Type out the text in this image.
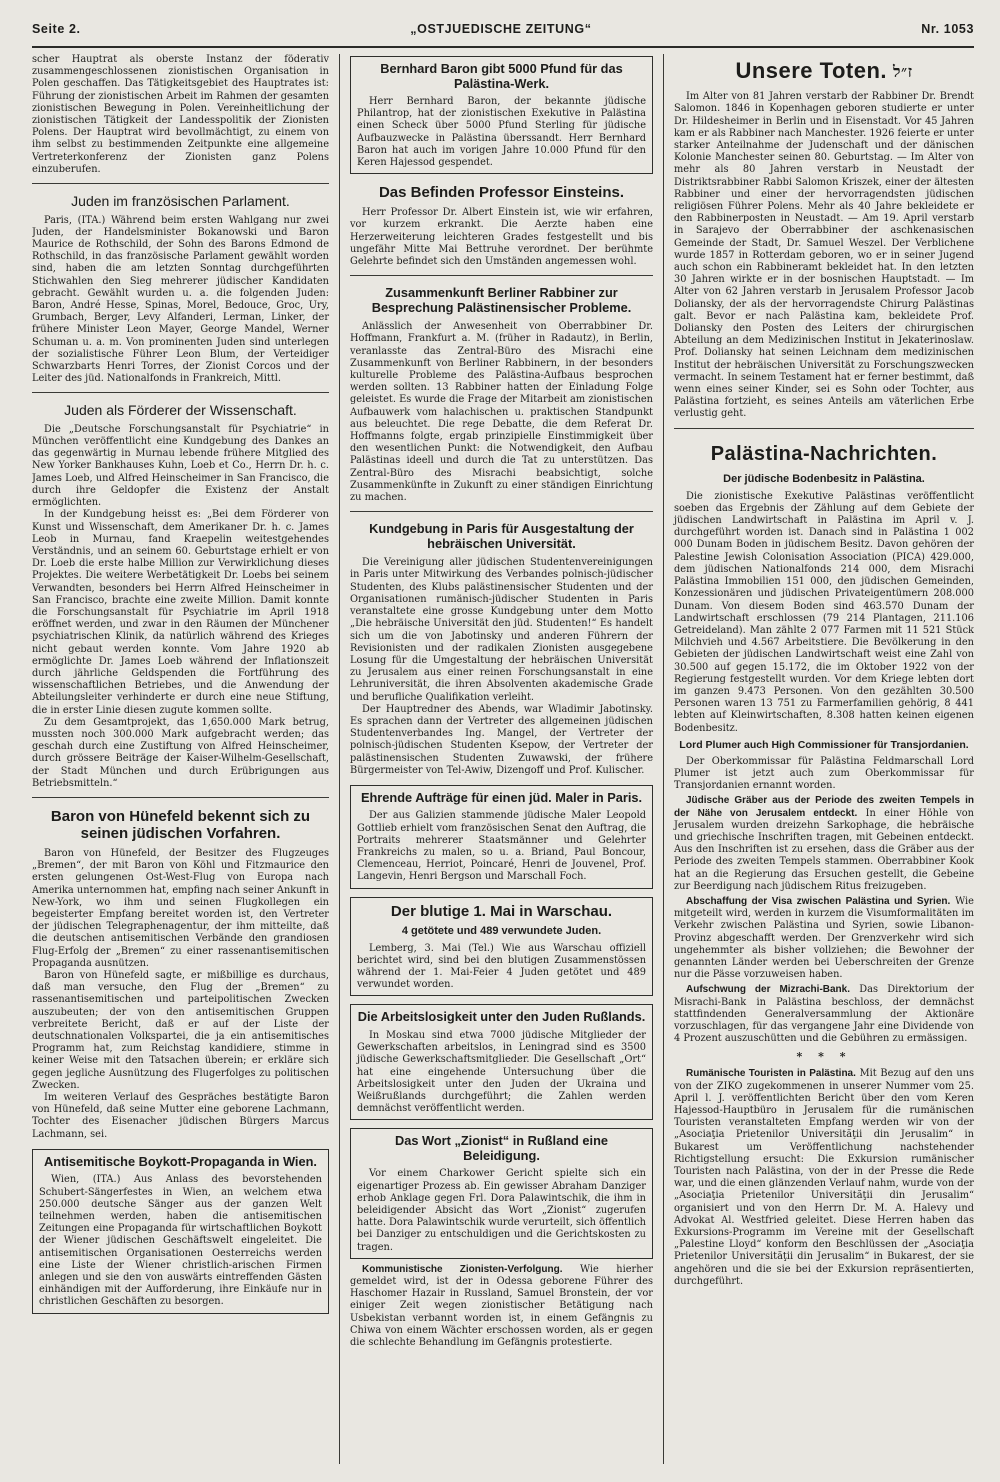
Seite 2.	„OSTJUEDISCHE ZEITUNG“	Nr. 1053

scher Hauptrat als oberste Instanz der föderativ zusammengeschlossenen zionistischen Organisation in Polen geschaffen. Das Tätigkeitsgebiet des Hauptrates ist: Führung der zionistischen Arbeit im Rahmen der gesamten zionistischen Bewegung in Polen. Vereinheitlichung der zionistischen Tätigkeit der Landesspolitik der Zionisten Polens. Der Hauptrat wird bevollmächtigt, zu einem von ihm selbst zu bestimmenden Zeitpunkte eine allgemeine Vertreterkonferenz der Zionisten ganz Polens einzuberufen.

Juden im französischen Parlament.

Paris, (ITA.) Während beim ersten Wahlgang nur zwei Juden, der Handelsminister Bokanowski und Baron Maurice de Rothschild, der Sohn des Barons Edmond de Rothschild, in das französische Parlament gewählt worden sind, haben die am letzten Sonntag durchgeführten Stichwahlen den Sieg mehrerer jüdischer Kandidaten gebracht. Gewählt wurden u. a. die folgenden Juden: Baron, André Hesse, Spinas, Morel, Bedouce, Groc, Ury, Grumbach, Berger, Levy Alfanderi, Lerman, Linker, der frühere Minister Leon Mayer, George Mandel, Werner Schuman u. a. m. Von prominenten Juden sind unterlegen der sozialistische Führer Leon Blum, der Verteidiger Schwarzbarts Henri Torres, der Zionist Corcos und der Leiter des jüd. Nationalfonds in Frankreich, Mittl.

Juden als Förderer der Wissenschaft.

Die „Deutsche Forschungsanstalt für Psychiatrie“ in München veröffentlicht eine Kundgebung des Dankes an das gegenwärtig in Murnau lebende frühere Mitglied des New Yorker Bankhauses Kuhn, Loeb et Co., Herrn Dr. h. c. James Loeb, und Alfred Heinscheimer in San Francisco, die durch ihre Geldopfer die Existenz der Anstalt ermöglichten.

In der Kundgebung heisst es: „Bei dem Förderer von Kunst und Wissenschaft, dem Amerikaner Dr. h. c. James Leob in Murnau, fand Kraepelin weitestgehendes Verständnis, und an seinem 60. Geburtstage erhielt er von Dr. Loeb die erste halbe Million zur Verwirklichung dieses Projektes. Die weitere Werbetätigkeit Dr. Loebs bei seinem Verwandten, besonders bei Herrn Alfred Heinscheimer in San Francisco, brachte eine zweite Million. Damit konnte die Forschungsanstalt für Psychiatrie im April 1918 eröffnet werden, und zwar in den Räumen der Münchener psychiatrischen Klinik, da natürlich während des Krieges nicht gebaut werden konnte. Vom Jahre 1920 ab ermöglichte Dr. James Loeb während der Inflationszeit durch jährliche Geldspenden die Fortführung des wissenschaftlichen Betriebes, und die Anwendung der Abteilungsleiter verhinderte er durch eine neue Stiftung, die in erster Linie diesen zugute kommen sollte.

Zu dem Gesamtprojekt, das 1,650.000 Mark betrug, mussten noch 300.000 Mark aufgebracht werden; das geschah durch eine Zustiftung von Alfred Heinscheimer, durch grössere Beiträge der Kaiser-Wilhelm-Gesellschaft, der Stadt München und durch Erübrigungen aus Betriebsmitteln.“

Baron von Hünefeld bekennt sich zu seinen jüdischen Vorfahren.

Baron von Hünefeld, der Besitzer des Flugzeuges „Bremen“, der mit Baron von Köhl und Fitzmaurice den ersten gelungenen Ost-West-Flug von Europa nach Amerika unternommen hat, empfing nach seiner Ankunft in New-York, wo ihm und seinen Flugkollegen ein begeisterter Empfang bereitet worden ist, den Vertreter der jüdischen Telegraphenagentur, der ihm mitteilte, daß die deutschen antisemitischen Verbände den grandiosen Flug-Erfolg der „Bremen“ zu einer rassenantisemitischen Propaganda ausnützen.

Baron von Hünefeld sagte, er mißbillige es durchaus, daß man versuche, den Flug der „Bremen“ zu rassenantisemitischen und parteipolitischen Zwecken auszubeuten; der von den antisemitischen Gruppen verbreitete Bericht, daß er auf der Liste der deutschnationalen Volkspartei, die ja ein antisemitisches Programm hat, zum Reichstag kandidiere, stimme in keiner Weise mit den Tatsachen überein; er erkläre sich gegen jegliche Ausnützung des Flugerfolges zu politischen Zwecken.

Im weiteren Verlauf des Gespräches bestätigte Baron von Hünefeld, daß seine Mutter eine geborene Lachmann, Tochter des Eisenacher jüdischen Bürgers Marcus Lachmann, sei.

Antisemitische Boykott-Propaganda in Wien.

Wien, (ITA.) Aus Anlass des bevorstehenden Schubert-Sängerfestes in Wien, an welchem etwa 250.000 deutsche Sänger aus der ganzen Welt teilnehmen werden, haben die antisemitischen Zeitungen eine Propaganda für wirtschaftlichen Boykott der Wiener jüdischen Geschäftswelt eingeleitet. Die antisemitischen Organisationen Oesterreichs werden eine Liste der Wiener christlich-arischen Firmen anlegen und sie den von auswärts eintreffenden Gästen einhändigen mit der Aufforderung, ihre Einkäufe nur in christlichen Geschäften zu besorgen.

Bernhard Baron gibt 5000 Pfund für das Palästina-Werk.

Herr Bernhard Baron, der bekannte jüdische Philantrop, hat der zionistischen Exekutive in Palästina einen Scheck über 5000 Pfund Sterling für jüdische Aufbauzwecke in Palästina überssandt. Herr Bernhard Baron hat auch im vorigen Jahre 10.000 Pfund für den Keren Hajessod gespendet.

Das Befinden Professor Einsteins.

Herr Professor Dr. Albert Einstein ist, wie wir erfahren, vor kurzem erkrankt. Die Aerzte haben eine Herzerweiterung leichteren Grades festgestellt und bis ungefähr Mitte Mai Bettruhe verordnet. Der berühmte Gelehrte befindet sich den Umständen angemessen wohl.

Zusammenkunft Berliner Rabbiner zur Besprechung Palästinensischer Probleme.

Anlässlich der Anwesenheit von Oberrabbiner Dr. Hoffmann, Frankfurt a. M. (früher in Radautz), in Berlin, veranlasste das Zentral-Büro des Misrachi eine Zusammenkunft von Berliner Rabbinern, in der besonders kulturelle Probleme des Palästina-Aufbaus besprochen werden sollten. 13 Rabbiner hatten der Einladung Folge geleistet. Es wurde die Frage der Mitarbeit am zionistischen Aufbauwerk vom halachischen u. praktischen Standpunkt aus beleuchtet. Die rege Debatte, die dem Referat Dr. Hoffmanns folgte, ergab prinzipielle Einstimmigkeit über den wesentlichen Punkt: die Notwendigkeit, den Aufbau Palästinas ideell und durch die Tat zu unterstützen. Das Zentral-Büro des Misrachi beabsichtigt, solche Zusammenkünfte in Zukunft zu einer ständigen Einrichtung zu machen.

Kundgebung in Paris für Ausgestaltung der hebräischen Universität.

Die Vereinigung aller jüdischen Studentenvereinigungen in Paris unter Mitwirkung des Verbandes polnisch-jüdischer Studenten, des Klubs palästinensischer Studenten und der Organisationen rumänisch-jüdischer Studenten in Paris veranstaltete eine grosse Kundgebung unter dem Motto „Die hebräische Universität den jüd. Studenten!“ Es handelt sich um die von Jabotinsky und anderen Führern der Revisionisten und der radikalen Zionisten ausgegebene Losung für die Umgestaltung der hebräischen Universität zu Jerusalem aus einer reinen Forschungsanstalt in eine Lehruniversität, die ihren Absolventen akademische Grade und berufliche Qualifikation verleiht.

Der Hauptredner des Abends, war Wladimir Jabotinsky. Es sprachen dann der Vertreter des allgemeinen jüdischen Studentenverbandes Ing. Mangel, der Vertreter der polnisch-jüdischen Studenten Ksepow, der Vertreter der palästinensischen Studenten Zuwawski, der frühere Bürgermeister von Tel-Awiw, Dizengoff und Prof. Kulischer.

Ehrende Aufträge für einen jüd. Maler in Paris.

Der aus Galizien stammende jüdische Maler Leopold Gottlieb erhielt vom französischen Senat den Auftrag, die Portraits mehrerer Staatsmänner und Gelehrter Frankreichs zu malen, so u. a. Briand, Paul Boncour, Clemenceau, Herriot, Poincaré, Henri de Jouvenel, Prof. Langevin, Henri Bergson und Marschall Foch.

Der blutige 1. Mai in Warschau.
4 getötete und 489 verwundete Juden.

Lemberg, 3. Mai (Tel.) Wie aus Warschau offiziell berichtet wird, sind bei den blutigen Zusammenstössen während der 1. Mai-Feier 4 Juden getötet und 489 verwundet worden.

Die Arbeitslosigkeit unter den Juden Rußlands.

In Moskau sind etwa 7000 jüdische Mitglieder der Gewerkschaften arbeitslos, in Leningrad sind es 3500 jüdische Gewerkschaftsmitglieder. Die Gesellschaft „Ort“ hat eine eingehende Untersuchung über die Arbeitslosigkeit unter den Juden der Ukraina und Weißrußlands durchgeführt; die Zahlen werden demnächst veröffentlicht werden.

Das Wort „Zionist“ in Rußland eine Beleidigung.

Vor einem Charkower Gericht spielte sich ein eigenartiger Prozess ab. Ein gewisser Abraham Danziger erhob Anklage gegen Frl. Dora Palawintschik, die ihm in beleidigender Absicht das Wort „Zionist“ zugerufen hatte. Dora Palawintschik wurde verurteilt, sich öffentlich bei Danziger zu entschuldigen und die Gerichtskosten zu tragen.

Kommunistische Zionisten-Verfolgung. Wie hierher gemeldet wird, ist der in Odessa geborene Führer des Haschomer Hazair in Russland, Samuel Bronstein, der vor einiger Zeit wegen zionistischer Betätigung nach Usbekistan verbannt worden ist, in einem Gefängnis zu Chiwa von einem Wächter erschossen worden, als er gegen die schlechte Behandlung im Gefängnis protestierte.

Unsere Toten. ז״ל

Im Alter von 81 Jahren verstarb der Rabbiner Dr. Brendt Salomon. 1846 in Kopenhagen geboren studierte er unter Dr. Hildesheimer in Berlin und in Eisenstadt. Vor 45 Jahren kam er als Rabbiner nach Manchester. 1926 feierte er unter starker Anteilnahme der Judenschaft und der dänischen Kolonie Manchester seinen 80. Geburtstag. — Im Alter von mehr als 80 Jahren verstarb in Neustadt der Distriktsrabbiner Rabbi Salomon Kriszek, einer der ältesten Rabbiner und einer der hervorragendsten jüdischen religiösen Führer Polens. Mehr als 40 Jahre bekleidete er den Rabbinerposten in Neustadt. — Am 19. April verstarb in Sarajevo der Oberrabbiner der aschkenasischen Gemeinde der Stadt, Dr. Samuel Weszel. Der Verblichene wurde 1857 in Rotterdam geboren, wo er in seiner Jugend auch schon ein Rabbineramt bekleidet hat. In den letzten 30 Jahren wirkte er in der bosnischen Hauptstadt. — Im Alter von 62 Jahren verstarb in Jerusalem Professor Jacob Doliansky, der als der hervorragendste Chirurg Palästinas galt. Bevor er nach Palästina kam, bekleidete Prof. Doliansky den Posten des Leiters der chirurgischen Abteilung an dem Medizinischen Institut in Jekaterinoslaw. Prof. Doliansky hat seinen Leichnam dem medizinischen Institut der hebräischen Universität zu Forschungszwecken vermacht. In seinem Testament hat er ferner bestimmt, daß wenn eines seiner Kinder, sei es Sohn oder Tochter, aus Palästina fortzieht, es seines Anteils am väterlichen Erbe verlustig geht.

Palästina-Nachrichten.
Der jüdische Bodenbesitz in Palästina.

Die zionistische Exekutive Palästinas veröffentlicht soeben das Ergebnis der Zählung auf dem Gebiete der jüdischen Landwirtschaft in Palästina im April v. J. durchgeführt worden ist. Danach sind in Palästina 1 002 000 Dunam Boden in jüdischem Besitz. Davon gehören der Palestine Jewish Colonisation Association (PICA) 429.000, dem jüdischen Nationalfonds 214 000, dem Misrachi Palästina Immobilien 151 000, den jüdischen Gemeinden, Konzessionären und jüdischen Privateigentümern 208.000 Dunam. Von diesem Boden sind 463.570 Dunam der Landwirtschaft erschlossen (79 214 Plantagen, 211.106 Getreideland). Man zählte 2 077 Farmen mit 11 521 Stück Milchvieh und 4.567 Arbeitstiere. Die Bevölkerung in den Gebieten der jüdischen Landwirtschaft weist eine Zahl von 30.500 auf gegen 15.172, die im Oktober 1922 von der Regierung festgestellt wurden. Vor dem Kriege lebten dort im ganzen 9.473 Personen. Von den gezählten 30.500 Personen waren 13 751 zu Farmerfamilien gehörig, 8 441 lebten auf Kleinwirtschaften, 8.308 hatten keinen eigenen Bodenbesitz.

Lord Plumer auch High Commissioner für Transjordanien.

Der Oberkommissar für Palästina Feldmarschall Lord Plumer ist jetzt auch zum Oberkommissar für Transjordanien ernannt worden.

Jüdische Gräber aus der Periode des zweiten Tempels in der Nähe von Jerusalem entdeckt. In einer Höhle von Jerusalem wurden dreizehn Sarkophage, die hebräische und griechische Inschriften tragen, mit Gebeinen entdeckt. Aus den Inschriften ist zu ersehen, dass die Gräber aus der Periode des zweiten Tempels stammen. Oberrabbiner Kook hat an die Regierung das Ersuchen gestellt, die Gebeine zur Beerdigung nach jüdischem Ritus freizugeben.

Abschaffung der Visa zwischen Palästina und Syrien. Wie mitgeteilt wird, werden in kurzem die Visumformalitäten im Verkehr zwischen Palästina und Syrien, sowie Libanon-Provinz abgeschafft werden. Der Grenzverkehr wird sich ungehemmter als bisher vollziehen; die Bewohner der genannten Länder werden bei Ueberschreiten der Grenze nur die Pässe vorzuweisen haben.

Aufschwung der Mizrachi-Bank. Das Direktorium der Misrachi-Bank in Palästina beschloss, der demnächst stattfindenden Generalversammlung der Aktionäre vorzuschlagen, für das vergangene Jahr eine Dividende von 4 Prozent auszuschütten und die Gebühren zu ermässigen.

* * *

Rumänische Touristen in Palästina. Mit Bezug auf den uns von der ZIKO zugekommenen in unserer Nummer vom 25. April l. J. veröffentlichten Bericht über den vom Keren Hajessod-Hauptbüro in Jerusalem für die rumänischen Touristen veranstalteten Empfang werden wir von der „Asociaţia Prietenilor Universităţii din Jerusalim“ in Bukarest um Veröffentlichung nachstehender Richtigstellung ersucht: Die Exkursion rumänischer Touristen nach Palästina, von der in der Presse die Rede war, und die einen glänzenden Verlauf nahm, wurde von der „Asociaţia Prietenilor Universităţii din Jerusalim“ organisiert und von den Herrn Dr. M. A. Halevy und Advokat Al. Westfried geleitet. Diese Herren haben das Exkursions-Programm im Vereine mit der Gesellschaft „Palestine Lloyd“ konform den Beschlüssen der „Asociaţia Prietenilor Universităţii din Jerusalim“ in Bukarest, der sie angehören und die sie bei der Exkursion repräsentierten, durchgeführt.
